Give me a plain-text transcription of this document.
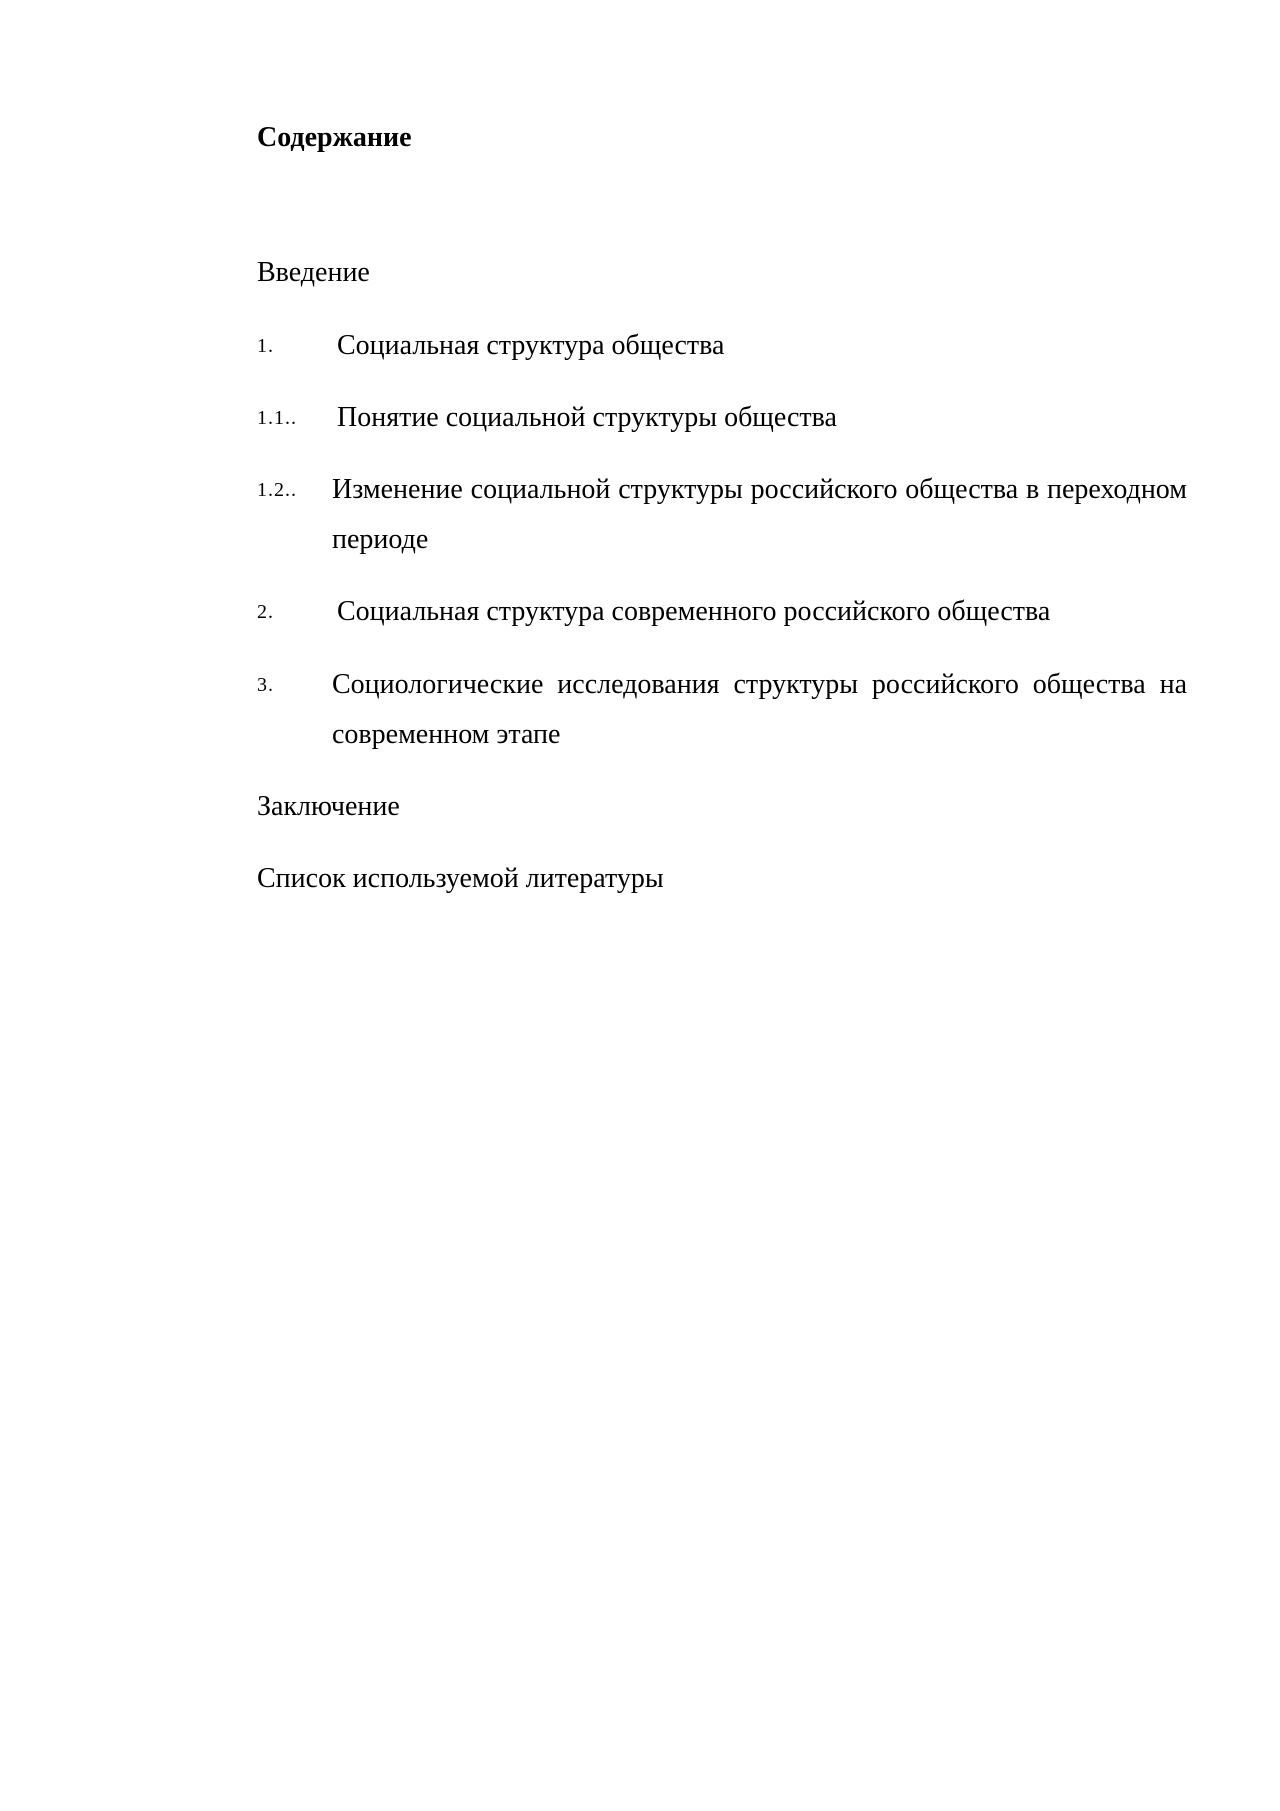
Содержание
Введение
1. Социальная структура общества
1.1.. Понятие социальной структуры общества
1.2.. Изменение социальной структуры российского общества в переходном периоде
2. Социальная структура современного российского общества
3. Социологические исследования структуры российского общества на современном этапе
Заключение
Список используемой литературы
